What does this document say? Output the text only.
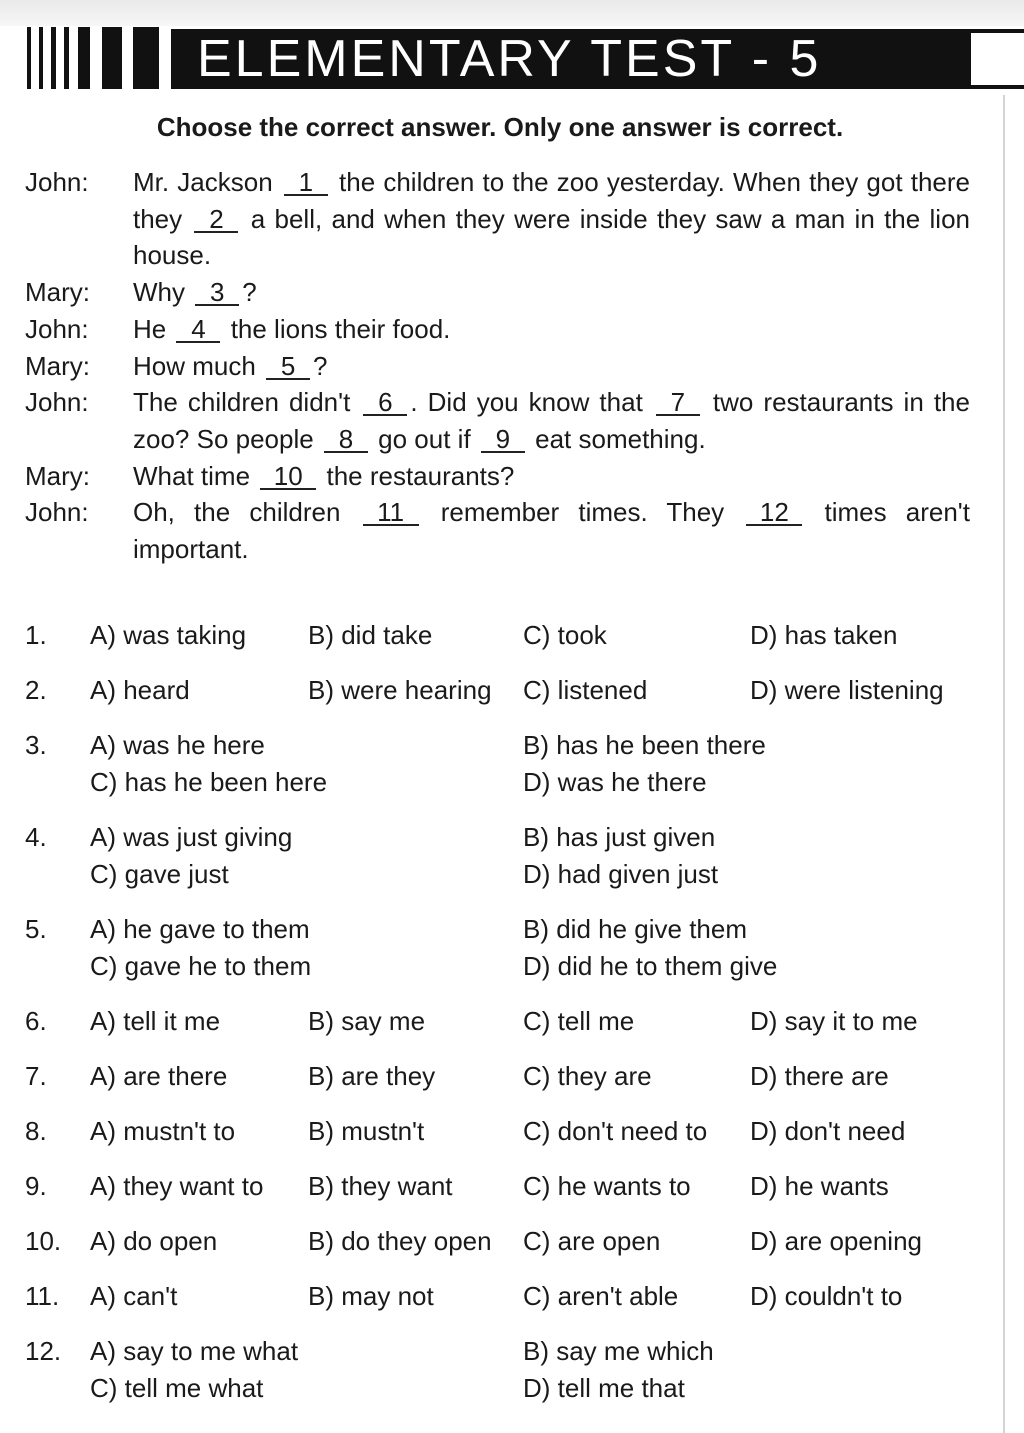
ELEMENTARY TEST - 5
Choose the correct answer. Only one answer is correct.
John:	Mr. Jackson 1 the children to the zoo yesterday. When they got there they 2 a bell, and when they were inside they saw a man in the lion house.
Mary:	Why 3 ?
John:	He 4 the lions their food.
Mary:	How much 5 ?
John:	The children didn't 6 . Did you know that 7 two restaurants in the zoo? So people 8 go out if 9 eat something.
Mary:	What time 10 the restaurants?
John:	Oh, the children 11 remember times. They 12 times aren't important.
1. A) was taking B) did take	C) took	D) has taken
2. A) heard	B) were hearing C) listened	D) were listening
3. A) was he here	B) has he been there
C) has he been here	D) was he there
4. A) was just giving	B) has just given
C) gave just	D) had given just
5. A) he gave to them	B) did he give them
C) gave he to them	D) did he to them give
6. A) tell it me	B) say me	C) tell me	D) say it to me
7. A) are there	B) are they	C) they are	D) there are
8. A) mustn't to	B) mustn't	C) don't need to D) don't need
9. A) they want to B) they want	C) he wants to D) he wants
10. A) do open	B) do they open C) are open	D) are opening
11. A) can't	B) may not	C) aren't able	D) couldn't to
12. A) say to me what	B) say me which
C) tell me what	D) tell me that
